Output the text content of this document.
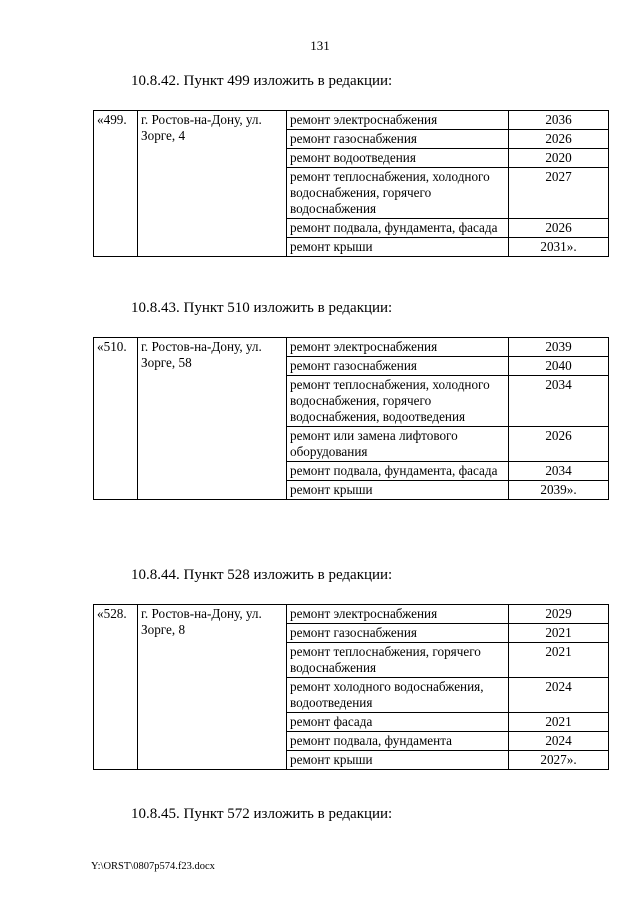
131
10.8.42. Пункт 499 изложить в редакции:
«499.	г. Ростов-на-Дону, ул. Зорге, 4	ремонт электроснабжения	2036
		ремонт газоснабжения	2026
		ремонт водоотведения	2020
		ремонт теплоснабжения, холодного водоснабжения, горячего водоснабжения	2027
		ремонт подвала, фундамента, фасада	2026
		ремонт крыши	2031».
10.8.43. Пункт 510 изложить в редакции:
«510.	г. Ростов-на-Дону, ул. Зорге, 58	ремонт электроснабжения	2039
		ремонт газоснабжения	2040
		ремонт теплоснабжения, холодного водоснабжения, горячего водоснабжения, водоотведения	2034
		ремонт или замена лифтового оборудования	2026
		ремонт подвала, фундамента, фасада	2034
		ремонт крыши	2039».
10.8.44. Пункт 528 изложить в редакции:
«528.	г. Ростов-на-Дону, ул. Зорге, 8	ремонт электроснабжения	2029
		ремонт газоснабжения	2021
		ремонт теплоснабжения, горячего водоснабжения	2021
		ремонт холодного водоснабжения, водоотведения	2024
		ремонт фасада	2021
		ремонт подвала, фундамента	2024
		ремонт крыши	2027».
10.8.45. Пункт 572 изложить в редакции:
Y:\ORST\0807p574.f23.docx
